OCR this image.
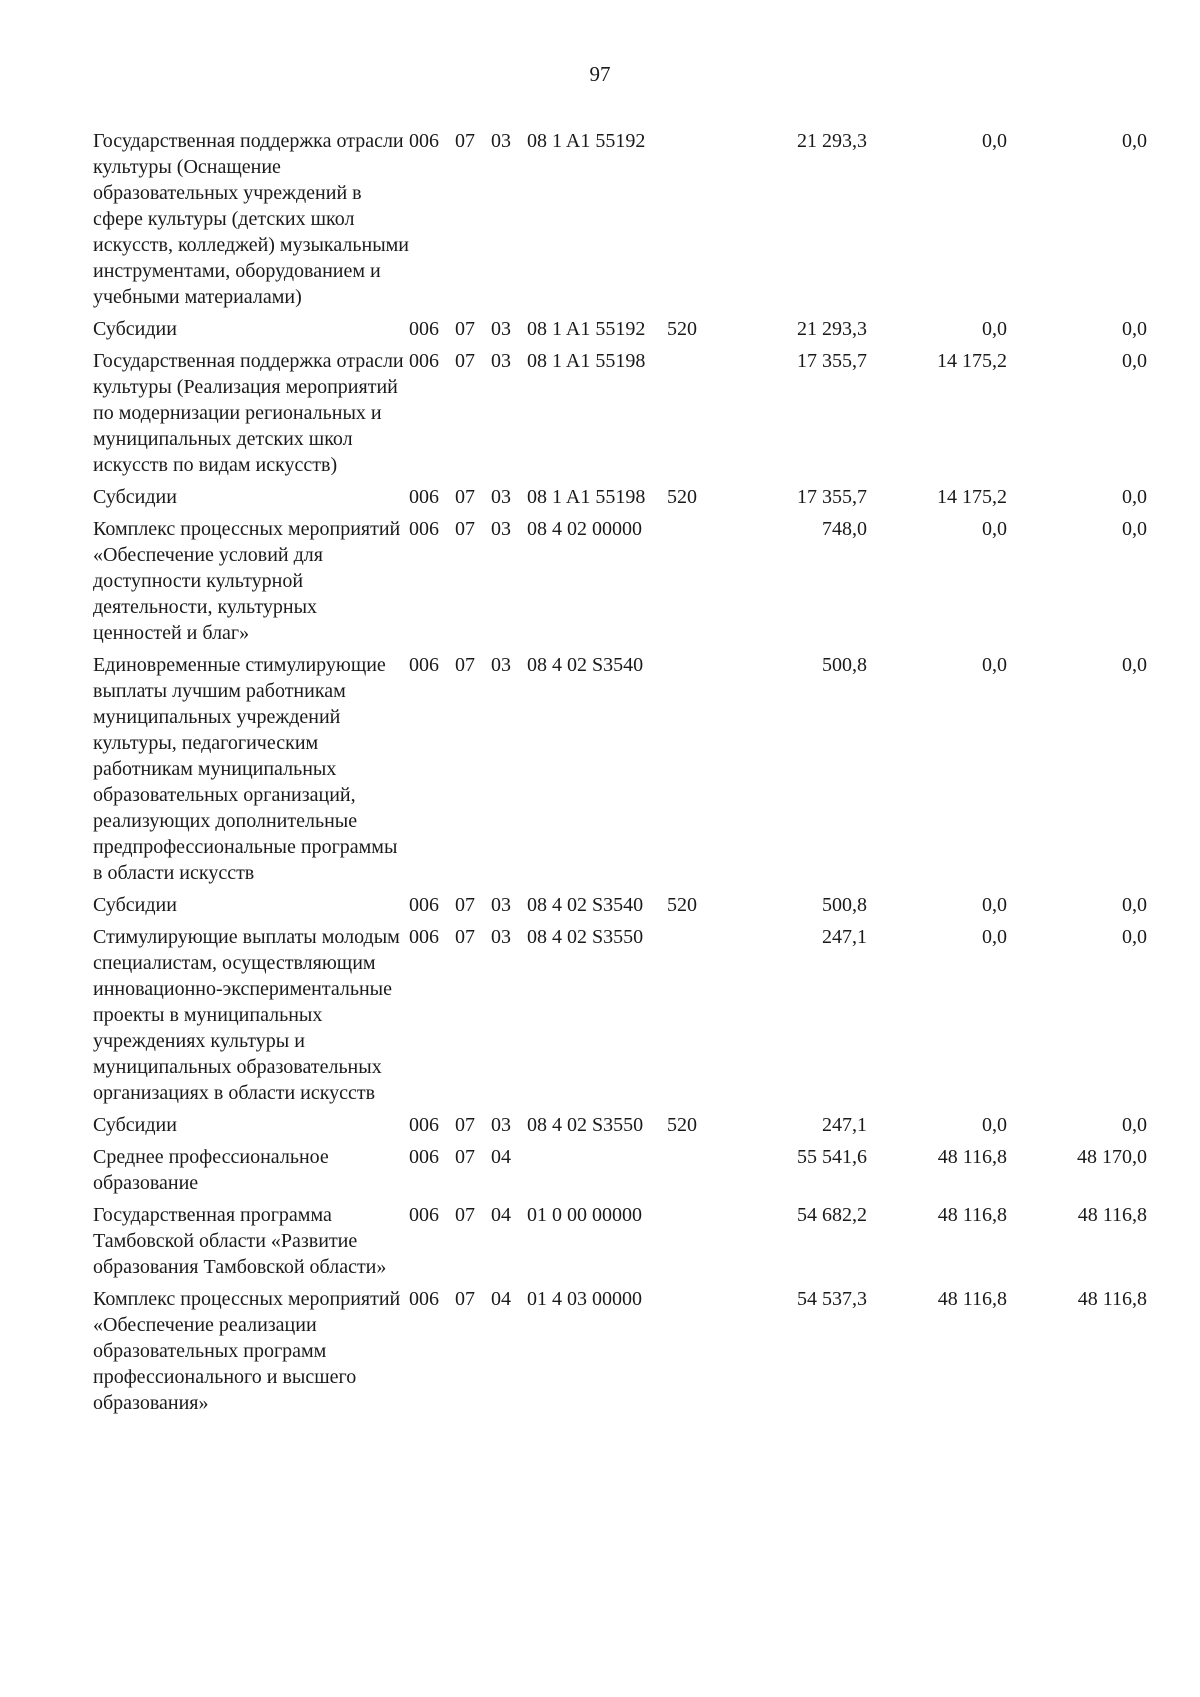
97
Государственная поддержка отрасли культуры (Оснащение образовательных учреждений в сфере культуры (детских школ искусств, колледжей) музыкальными инструментами, оборудованием и учебными материалами)	006	07	03	08 1 A1 55192		21 293,3	0,0	0,0
Субсидии	006	07	03	08 1 A1 55192	520	21 293,3	0,0	0,0
Государственная поддержка отрасли культуры (Реализация мероприятий по модернизации региональных и муниципальных детских школ искусств по видам искусств)	006	07	03	08 1 A1 55198		17 355,7	14 175,2	0,0
Субсидии	006	07	03	08 1 A1 55198	520	17 355,7	14 175,2	0,0
Комплекс процессных мероприятий «Обеспечение условий для доступности культурной деятельности, культурных ценностей и благ»	006	07	03	08 4 02 00000		748,0	0,0	0,0
Единовременные стимулирующие выплаты лучшим работникам муниципальных учреждений культуры, педагогическим работникам муниципальных образовательных организаций, реализующих дополнительные предпрофессиональные программы в области искусств	006	07	03	08 4 02 S3540		500,8	0,0	0,0
Субсидии	006	07	03	08 4 02 S3540	520	500,8	0,0	0,0
Стимулирующие выплаты молодым специалистам, осуществляющим инновационно-экспериментальные проекты в муниципальных учреждениях культуры и муниципальных образовательных организациях в области искусств	006	07	03	08 4 02 S3550		247,1	0,0	0,0
Субсидии	006	07	03	08 4 02 S3550	520	247,1	0,0	0,0
Среднее профессиональное образование	006	07	04			55 541,6	48 116,8	48 170,0
Государственная программа Тамбовской области «Развитие образования Тамбовской области»	006	07	04	01 0 00 00000		54 682,2	48 116,8	48 116,8
Комплекс процессных мероприятий «Обеспечение реализации образовательных программ профессионального и высшего образования»	006	07	04	01 4 03 00000		54 537,3	48 116,8	48 116,8
